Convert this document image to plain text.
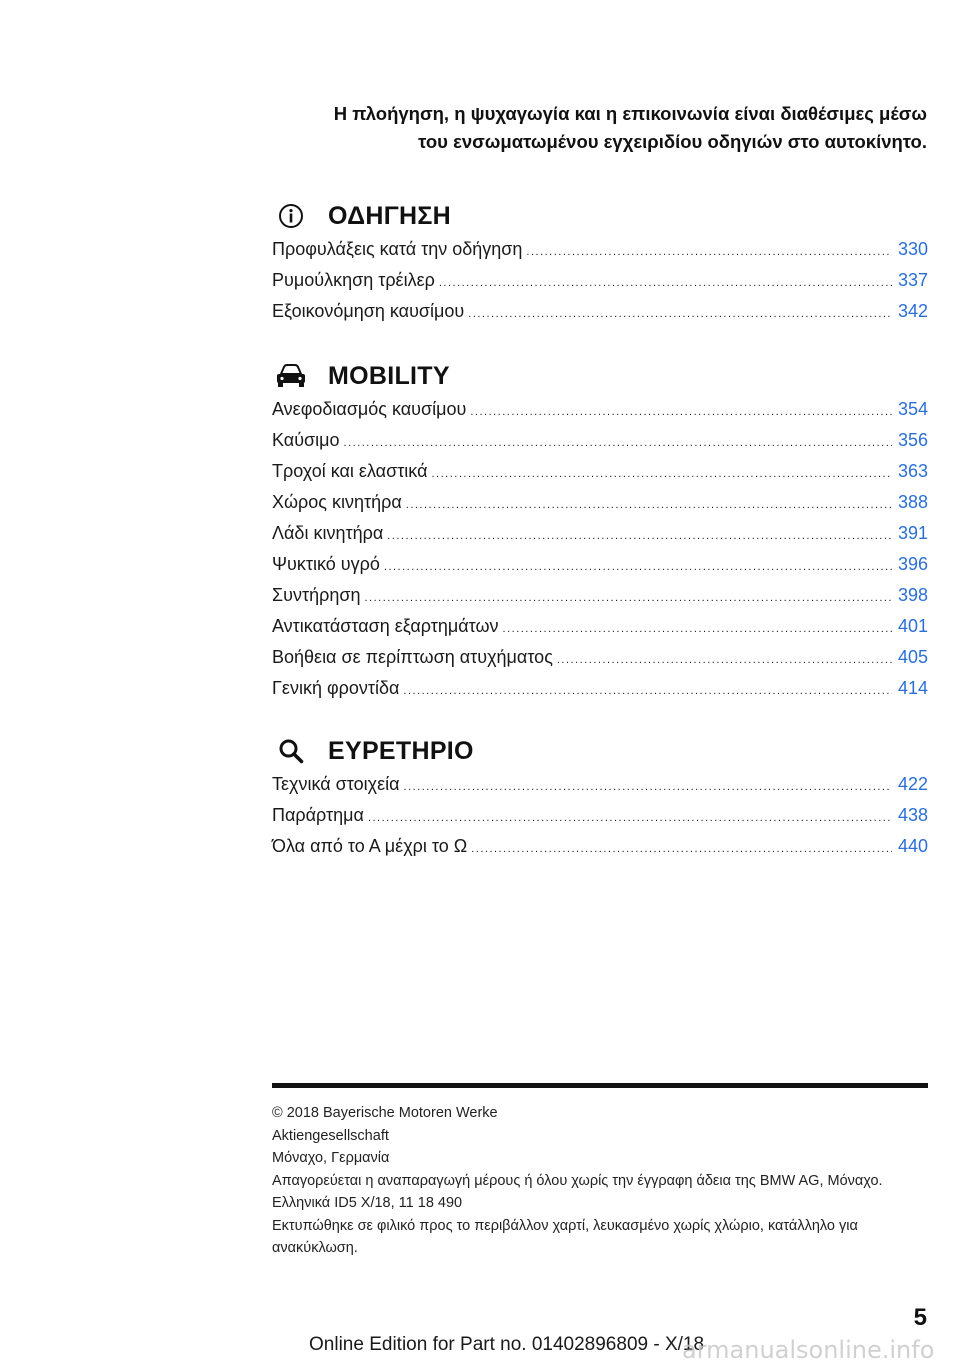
Η πλοήγηση, η ψυχαγωγία και η επικοινωνία είναι διαθέσιμες μέσω
του ενσωματωμένου εγχειριδίου οδηγιών στο αυτοκίνητο.
ΟΔΗΓΗΣΗ
Προφυλάξεις κατά την οδήγηση .....	330
Ρυμούλκηση τρέιλερ .....	337
Εξοικονόμηση καυσίμου .....	342
MOBILITY
Ανεφοδιασμός καυσίμου .....	354
Καύσιμο .....	356
Τροχοί και ελαστικά .....	363
Χώρος κινητήρα .....	388
Λάδι κινητήρα .....	391
Ψυκτικό υγρό .....	396
Συντήρηση .....	398
Αντικατάσταση εξαρτημάτων .....	401
Βοήθεια σε περίπτωση ατυχήματος .....	405
Γενική φροντίδα .....	414
ΕΥΡΕΤΗΡΙΟ
Τεχνικά στοιχεία .....	422
Παράρτημα .....	438
Όλα από το Α μέχρι το Ω .....	440
© 2018 Bayerische Motoren Werke
Aktiengesellschaft
Μόναχο, Γερμανία
Απαγορεύεται η αναπαραγωγή μέρους ή όλου χωρίς την έγγραφη άδεια της BMW AG, Μόναχο.
Ελληνικά ID5 X/18, 11 18 490
Εκτυπώθηκε σε φιλικό προς το περιβάλλον χαρτί, λευκασμένο χωρίς χλώριο, κατάλληλο για ανακύκλωση.
5
Online Edition for Part no. 01402896809 - X/18
armanualsonline.info
